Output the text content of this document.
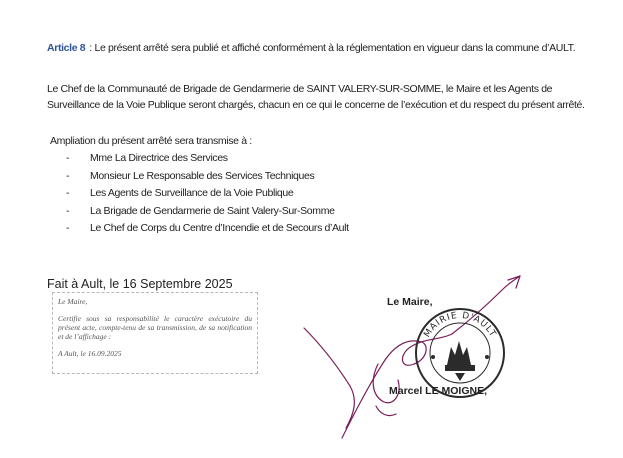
Article 8 : Le présent arrêté sera publié et affiché conformément à la réglementation en vigueur dans la commune d’AULT.
Le Chef de la Communauté de Brigade de Gendarmerie de SAINT VALERY-SUR-SOMME, le Maire et les Agents de Surveillance de la Voie Publique seront chargés, chacun en ce qui le concerne de l’exécution et du respect du présent arrêté.
Ampliation du présent arrêté sera transmise à :
- Mme La Directrice des Services
- Monsieur Le Responsable des Services Techniques
- Les Agents de Surveillance de la Voie Publique
- La Brigade de Gendarmerie de Saint Valery-Sur-Somme
- Le Chef de Corps du Centre d’Incendie et de Secours d’Ault
Fait à Ault, le 16 Septembre 2025
Le Maire,
Certifie sous sa responsabilité le caractère exécutoire du présent acte, compte-tenu de sa transmission, de sa notification et de l’affichage :
A Ault, le 16.09.2025
Le Maire,
MAIRIE D'AULT
Marcel LE MOIGNE,
